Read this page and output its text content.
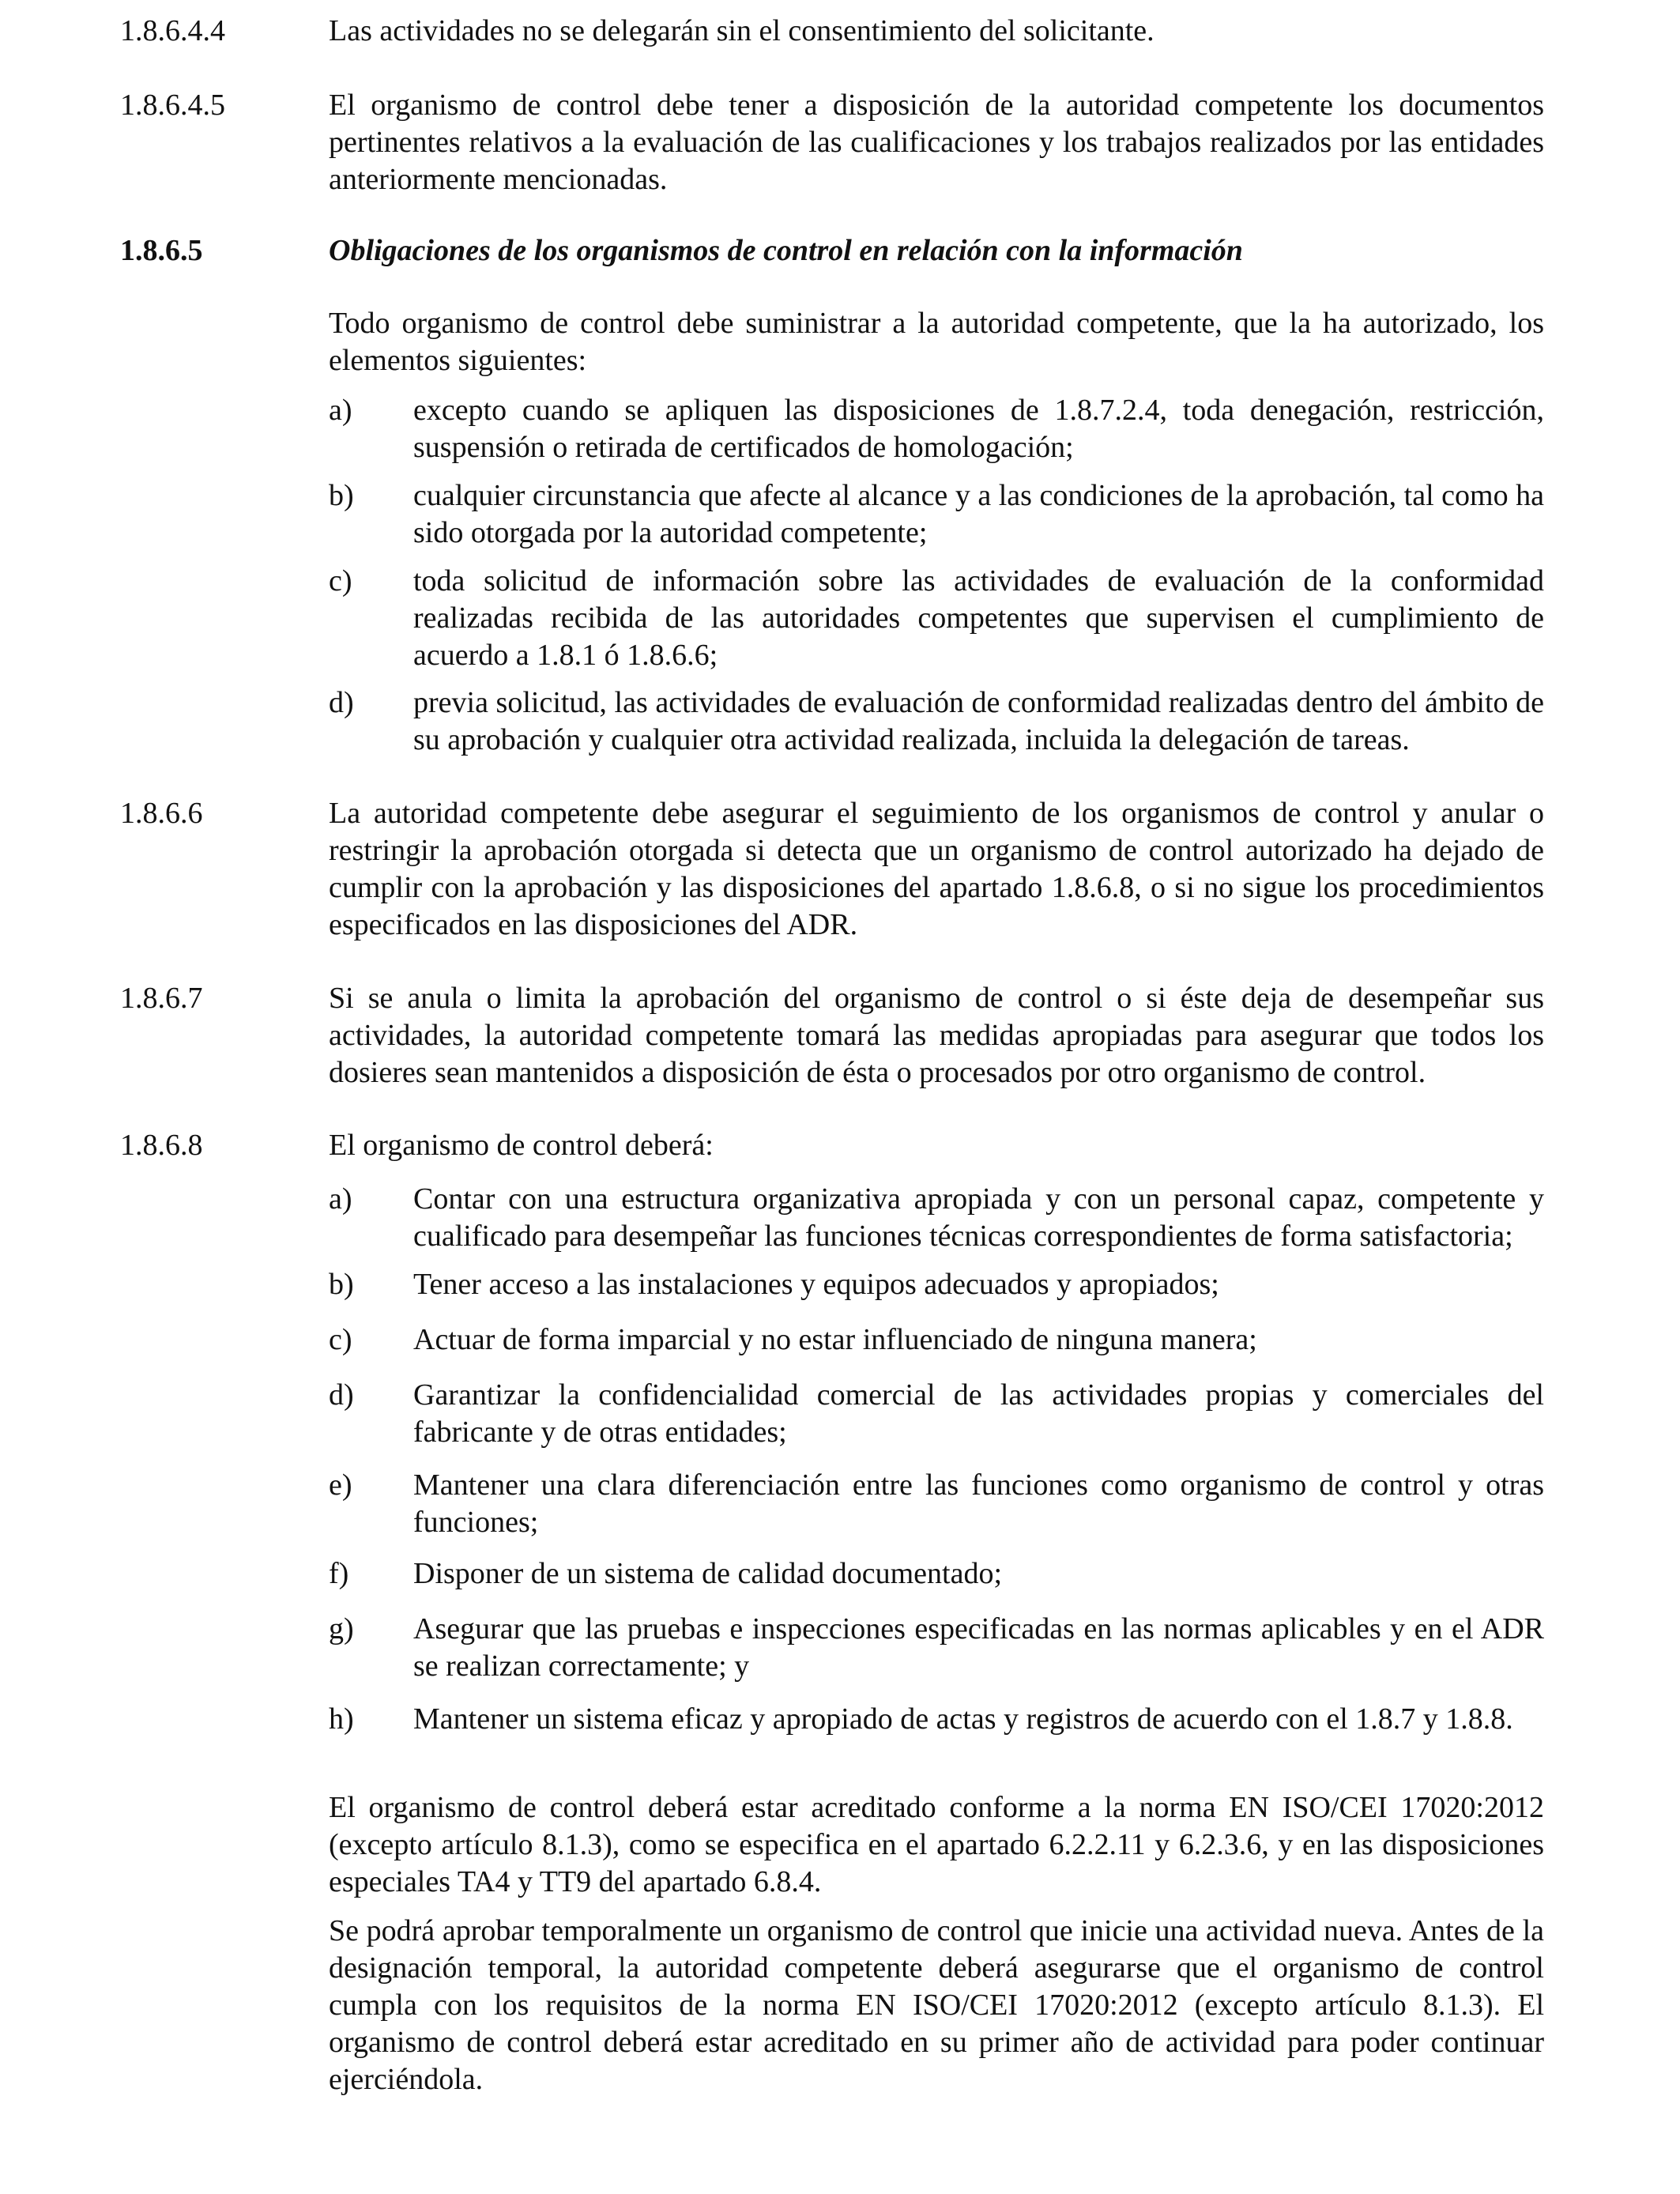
1.8.6.4.4	Las actividades no se delegarán sin el consentimiento del solicitante.
1.8.6.4.5	El organismo de control debe tener a disposición de la autoridad competente los documentos pertinentes relativos a la evaluación de las cualificaciones y los trabajos realizados por las entidades anteriormente mencionadas.
1.8.6.5	Obligaciones de los organismos de control en relación con la información
Todo organismo de control debe suministrar a la autoridad competente, que la ha autorizado, los elementos siguientes:
a)	excepto cuando se apliquen las disposiciones de 1.8.7.2.4, toda denegación, restricción, suspensión o retirada de certificados de homologación;
b)	cualquier circunstancia que afecte al alcance y a las condiciones de la aprobación, tal como ha sido otorgada por la autoridad competente;
c)	toda solicitud de información sobre las actividades de evaluación de la conformidad realizadas recibida de las autoridades competentes que supervisen el cumplimiento de acuerdo a 1.8.1 ó 1.8.6.6;
d)	previa solicitud, las actividades de evaluación de conformidad realizadas dentro del ámbito de su aprobación y cualquier otra actividad realizada, incluida la delegación de tareas.
1.8.6.6	La autoridad competente debe asegurar el seguimiento de los organismos de control y anular o restringir la aprobación otorgada si detecta que un organismo de control autorizado ha dejado de cumplir con la aprobación y las disposiciones del apartado 1.8.6.8, o si no sigue los procedimientos especificados en las disposiciones del ADR.
1.8.6.7	Si se anula o limita la aprobación del organismo de control o si éste deja de desempeñar sus actividades, la autoridad competente tomará las medidas apropiadas para asegurar que todos los dosieres sean mantenidos a disposición de ésta o procesados por otro organismo de control.
1.8.6.8	El organismo de control deberá:
a)	Contar con una estructura organizativa apropiada y con un personal capaz, competente y cualificado para desempeñar las funciones técnicas correspondientes de forma satisfactoria;
b)	Tener acceso a las instalaciones y equipos adecuados y apropiados;
c)	Actuar de forma imparcial y no estar influenciado de ninguna manera;
d)	Garantizar la confidencialidad comercial de las actividades propias y comerciales del fabricante y de otras entidades;
e)	Mantener una clara diferenciación entre las funciones como organismo de control y otras funciones;
f)	Disponer de un sistema de calidad documentado;
g)	Asegurar que las pruebas e inspecciones especificadas en las normas aplicables y en el ADR se realizan correctamente; y
h)	Mantener un sistema eficaz y apropiado de actas y registros de acuerdo con el 1.8.7 y 1.8.8.
El organismo de control deberá estar acreditado conforme a la norma EN ISO/CEI 17020:2012 (excepto artículo 8.1.3), como se especifica en el apartado 6.2.2.11 y 6.2.3.6, y en las disposiciones especiales TA4 y TT9 del apartado 6.8.4.
Se podrá aprobar temporalmente un organismo de control que inicie una actividad nueva. Antes de la designación temporal, la autoridad competente deberá asegurarse que el organismo de control cumpla con los requisitos de la norma EN ISO/CEI 17020:2012 (excepto artículo 8.1.3). El organismo de control deberá estar acreditado en su primer año de actividad para poder continuar ejerciéndola.
